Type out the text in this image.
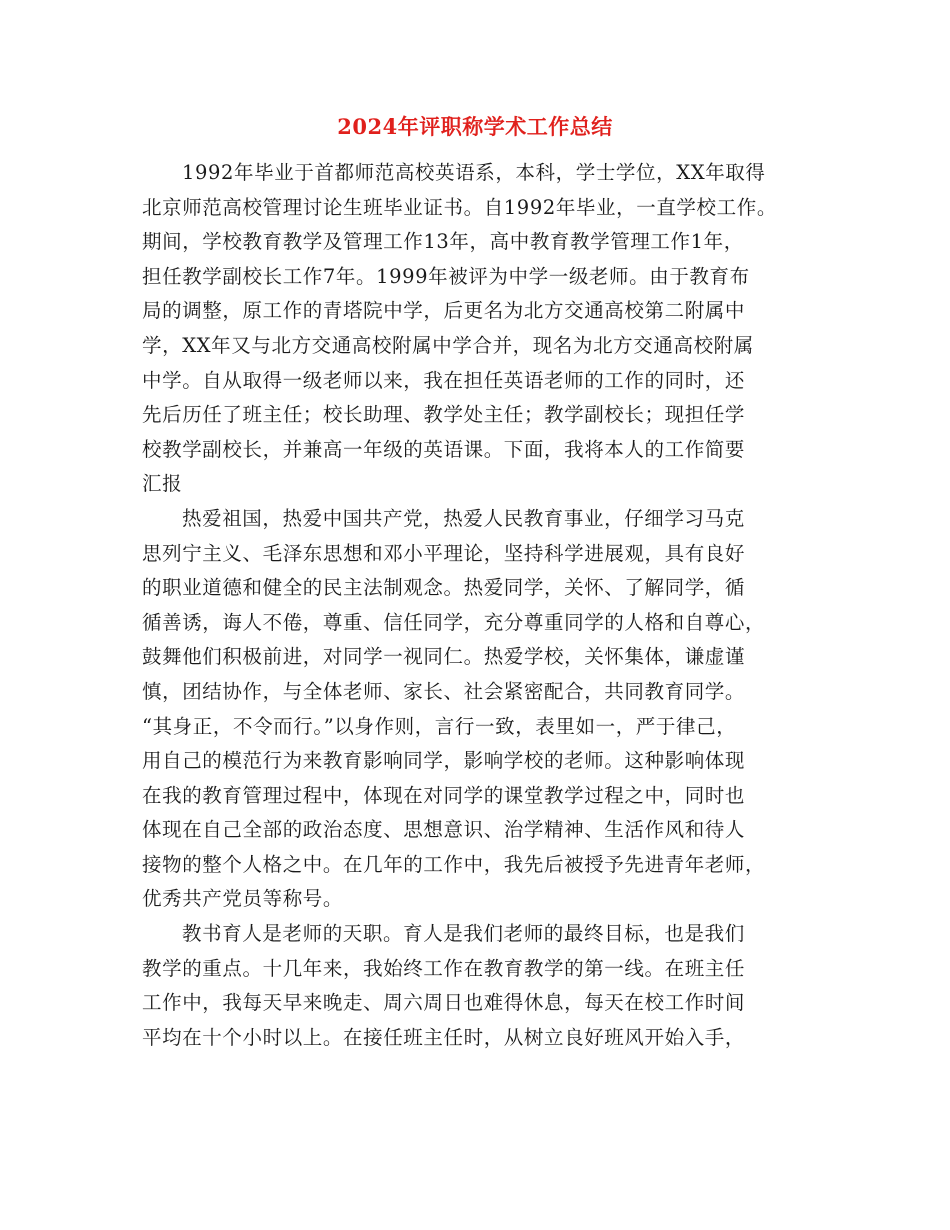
2024年评职称学术工作总结
1992年毕业于首都师范高校英语系，本科，学士学位，XX年取得
北京师范高校管理讨论生班毕业证书。自1992年毕业，一直学校工作。
期间，学校教育教学及管理工作13年，高中教育教学管理工作1年，
担任教学副校长工作7年。1999年被评为中学一级老师。由于教育布
局的调整，原工作的青塔院中学，后更名为北方交通高校第二附属中
学，XX年又与北方交通高校附属中学合并，现名为北方交通高校附属
中学。自从取得一级老师以来，我在担任英语老师的工作的同时，还
先后历任了班主任；校长助理、教学处主任；教学副校长；现担任学
校教学副校长，并兼高一年级的英语课。下面，我将本人的工作简要
汇报
热爱祖国，热爱中国共产党，热爱人民教育事业，仔细学习马克
思列宁主义、毛泽东思想和邓小平理论，坚持科学进展观，具有良好
的职业道德和健全的民主法制观念。热爱同学，关怀、了解同学，循
循善诱，诲人不倦，尊重、信任同学，充分尊重同学的人格和自尊心，
鼓舞他们积极前进，对同学一视同仁。热爱学校，关怀集体，谦虚谨
慎，团结协作，与全体老师、家长、社会紧密配合，共同教育同学。
“其身正，不令而行。”以身作则，言行一致，表里如一，严于律己，
用自己的模范行为来教育影响同学，影响学校的老师。这种影响体现
在我的教育管理过程中，体现在对同学的课堂教学过程之中，同时也
体现在自己全部的政治态度、思想意识、治学精神、生活作风和待人
接物的整个人格之中。在几年的工作中，我先后被授予先进青年老师，
优秀共产党员等称号。
教书育人是老师的天职。育人是我们老师的最终目标，也是我们
教学的重点。十几年来，我始终工作在教育教学的第一线。在班主任
工作中，我每天早来晚走、周六周日也难得休息，每天在校工作时间
平均在十个小时以上。在接任班主任时，从树立良好班风开始入手，
